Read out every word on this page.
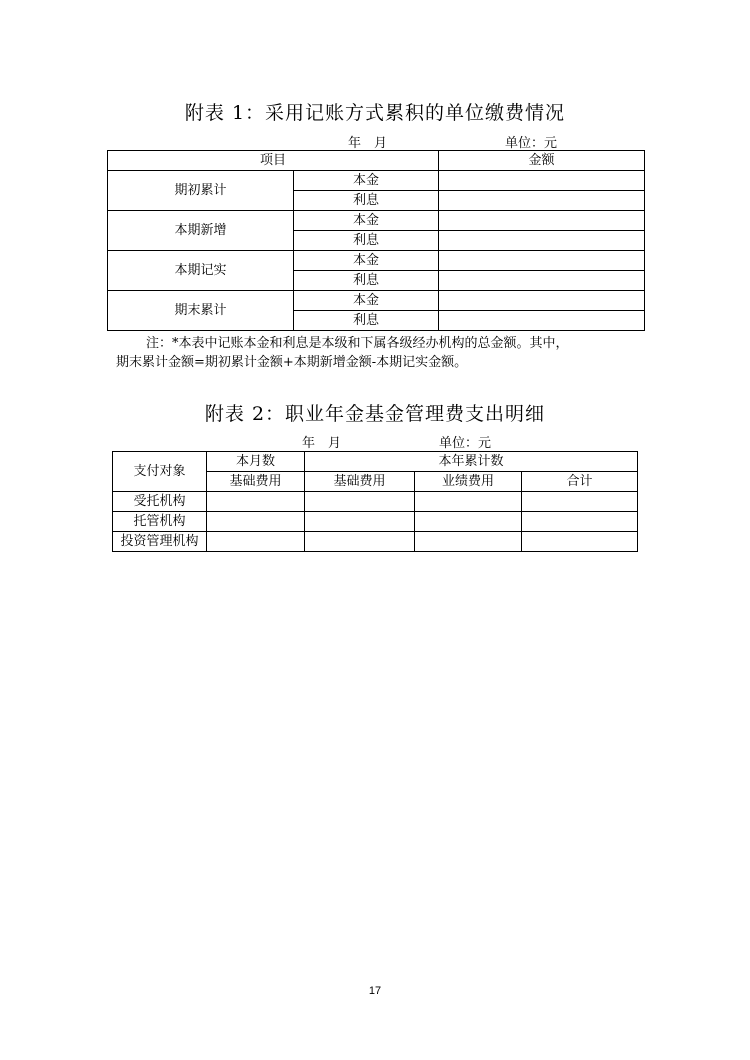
附表 1：采用记账方式累积的单位缴费情况
年　月	单位：元
项目		金额
期初累计	本金	
	利息	
本期新增	本金	
	利息	
本期记实	本金	
	利息	
期末累计	本金	
	利息	

注：*本表中记账本金和利息是本级和下属各级经办机构的总金额。其中，

期末累计金额=期初累计金额+本期新增金额-本期记实金额。

附表 2：职业年金基金管理费支出明细
年　月	单位：元
支付对象	本月数	本年累计数		
	基础费用	基础费用	业绩费用	合计
受托机构				
托管机构				
投资管理机构				
17
